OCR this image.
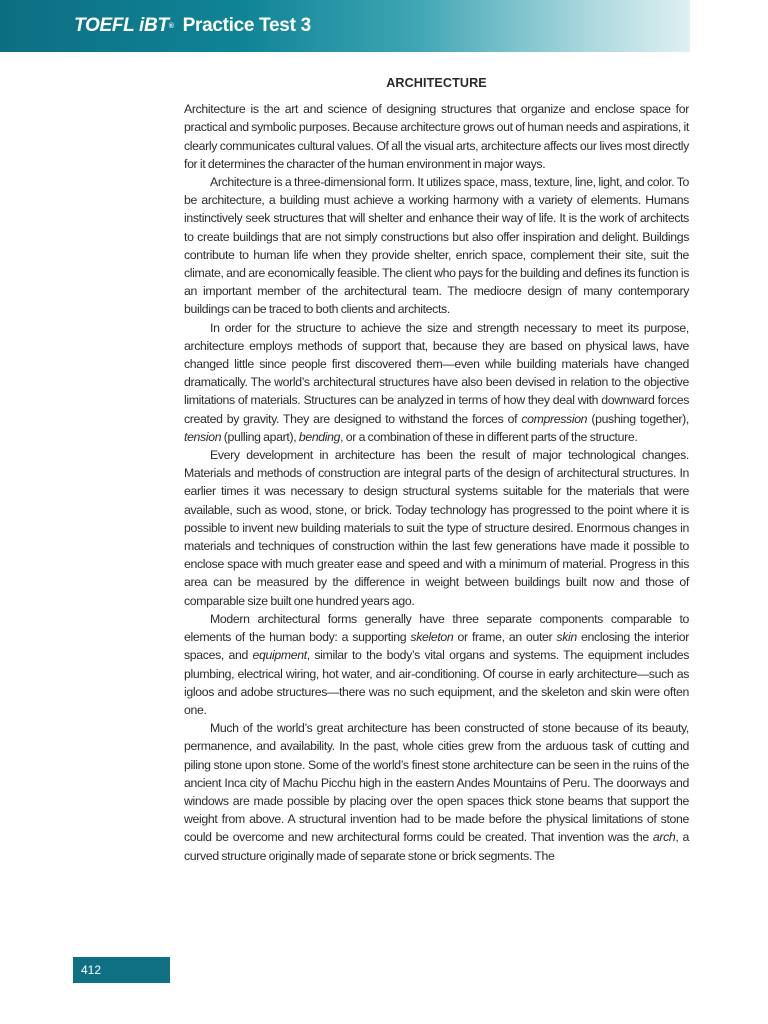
TOEFL iBT® Practice Test 3
ARCHITECTURE

Architecture is the art and science of designing structures that organize and enclose space for practical and symbolic purposes. Because architecture grows out of human needs and aspirations, it clearly communicates cultural values. Of all the visual arts, architecture affects our lives most directly for it determines the character of the human environment in major ways.

Architecture is a three-dimensional form. It utilizes space, mass, texture, line, light, and color. To be architecture, a building must achieve a working harmony with a variety of elements. Humans instinctively seek structures that will shelter and enhance their way of life. It is the work of architects to create buildings that are not simply constructions but also offer inspiration and delight. Buildings contribute to human life when they provide shelter, enrich space, complement their site, suit the climate, and are economically feasible. The client who pays for the building and defines its function is an important member of the architectural team. The mediocre design of many contemporary buildings can be traced to both clients and architects.

In order for the structure to achieve the size and strength necessary to meet its purpose, architecture employs methods of support that, because they are based on physical laws, have changed little since people first discovered them—even while building materials have changed dramatically. The world’s architectural structures have also been devised in relation to the objective limitations of materials. Structures can be analyzed in terms of how they deal with downward forces created by gravity. They are designed to withstand the forces of compression (pushing together), tension (pulling apart), bending, or a combination of these in different parts of the structure.

Every development in architecture has been the result of major technological changes. Materials and methods of construction are integral parts of the design of architectural structures. In earlier times it was necessary to design structural systems suitable for the materials that were available, such as wood, stone, or brick. Today technology has progressed to the point where it is possible to invent new building materials to suit the type of structure desired. Enormous changes in materials and techniques of construction within the last few generations have made it possible to enclose space with much greater ease and speed and with a minimum of material. Progress in this area can be measured by the difference in weight between buildings built now and those of comparable size built one hundred years ago.

Modern architectural forms generally have three separate components comparable to elements of the human body: a supporting skeleton or frame, an outer skin enclosing the interior spaces, and equipment, similar to the body’s vital organs and systems. The equipment includes plumbing, electrical wiring, hot water, and air-conditioning. Of course in early architecture—such as igloos and adobe structures—there was no such equipment, and the skeleton and skin were often one.

Much of the world’s great architecture has been constructed of stone because of its beauty, permanence, and availability. In the past, whole cities grew from the arduous task of cutting and piling stone upon stone. Some of the world’s finest stone architecture can be seen in the ruins of the ancient Inca city of Machu Picchu high in the eastern Andes Mountains of Peru. The doorways and windows are made possible by placing over the open spaces thick stone beams that support the weight from above. A structural invention had to be made before the physical limitations of stone could be overcome and new architectural forms could be created. That invention was the arch, a curved structure originally made of separate stone or brick segments. The

412
